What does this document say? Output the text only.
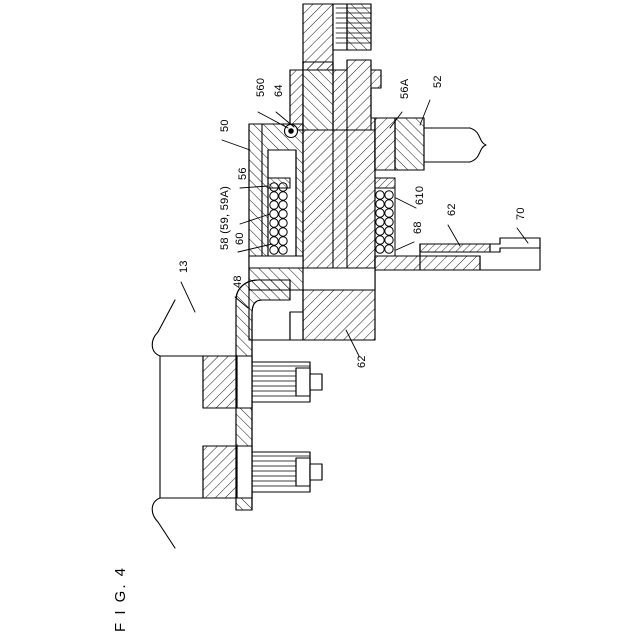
560 64	56A 52
50
56
58 (59, 59A)	610
62	70
60
68
13
48
62
F I G. 4
